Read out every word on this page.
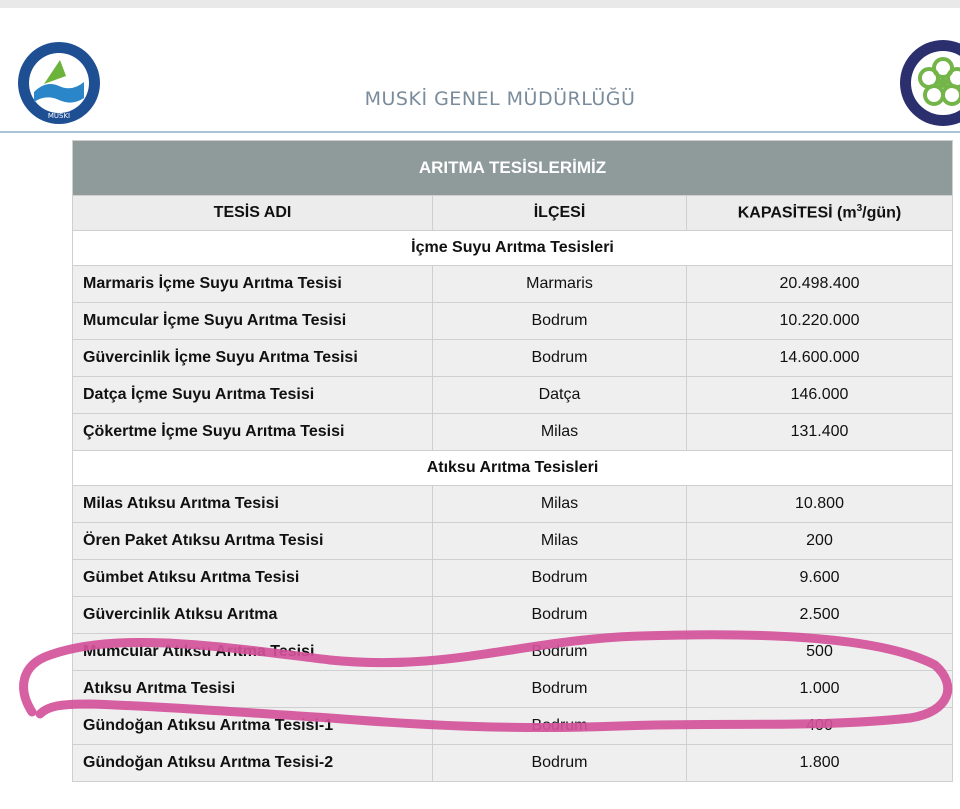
MUSKİ
MUSKİ GENEL MÜDÜRLÜĞÜ
ARITMA TESİSLERİMİZ		
TESİS ADI	İLÇESİ	KAPASİTESİ $(m^3/gün)$
İçme Suyu Arıtma Tesisleri		
Marmaris İçme Suyu Arıtma Tesisi	Marmaris	20.498.400
Mumcular İçme Suyu Arıtma Tesisi	Bodrum	10.220.000
Güvercinlik İçme Suyu Arıtma Tesisi	Bodrum	14.600.000
Datça İçme Suyu Arıtma Tesisi	Datça	146.000
Çökertme İçme Suyu Arıtma Tesisi	Milas	131.400
Atıksu Arıtma Tesisleri		
Milas Atıksu Arıtma Tesisi	Milas	10.800
Ören Paket Atıksu Arıtma Tesisi	Milas	200
Gümbet Atıksu Arıtma Tesisi	Bodrum	9.600
Güvercinlik Atıksu Arıtma	Bodrum	2.500
Mumcular Atıksu Arıtma Tesisi	Bodrum	500
Atıksu Arıtma Tesisi	Bodrum	1.000
Gündoğan Atıksu Arıtma Tesisi-1	Bodrum	400
Gündoğan Atıksu Arıtma Tesisi-2	Bodrum	1.800
